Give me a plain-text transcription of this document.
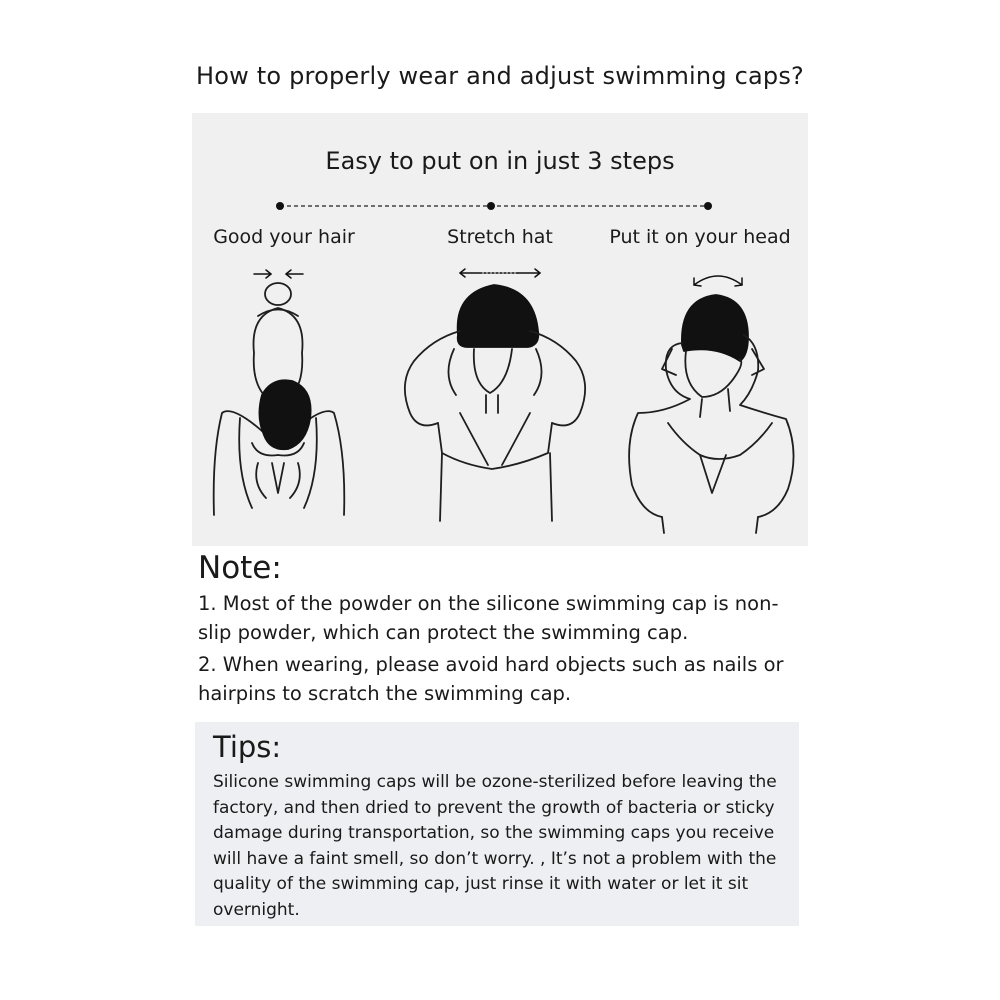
How to properly wear and adjust swimming caps?
Easy to put on in just 3 steps
Good your hair	Stretch hat	Put it on your head
Note:
1. Most of the powder on the silicone swimming cap is non-slip powder, which can protect the swimming cap.
2. When wearing, please avoid hard objects such as nails or hairpins to scratch the swimming cap.
Tips:
Silicone swimming caps will be ozone-sterilized before leaving the factory, and then dried to prevent the growth of bacteria or sticky damage during transportation, so the swimming caps you receive will have a faint smell, so don’t worry. , It’s not a problem with the quality of the swimming cap, just rinse it with water or let it sit overnight.
